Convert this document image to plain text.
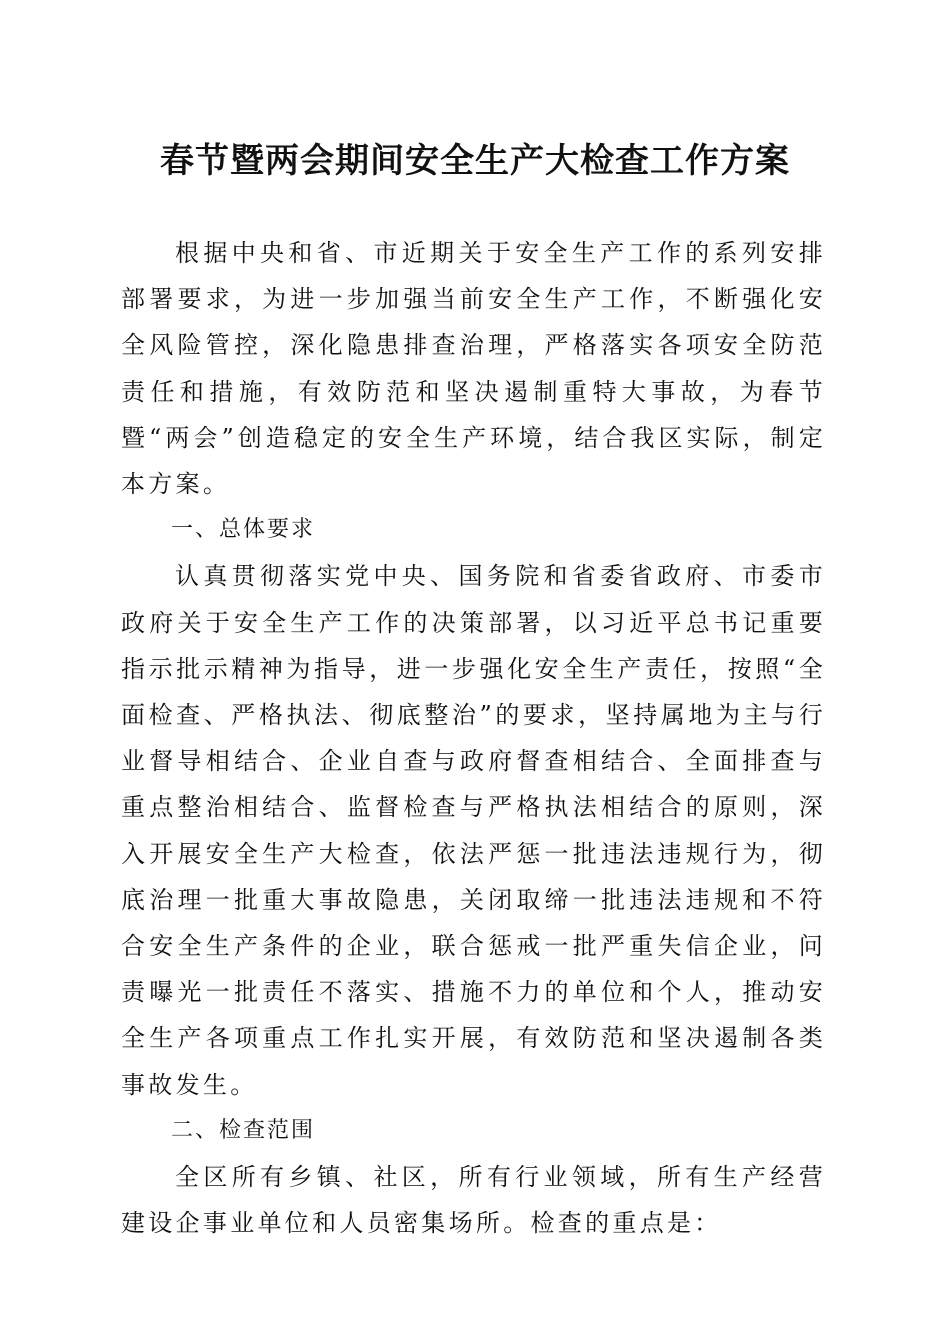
春节暨两会期间安全生产大检查工作方案

根据中央和省、市近期关于安全生产工作的系列安排部署要求，为进一步加强当前安全生产工作，不断强化安全风险管控，深化隐患排查治理，严格落实各项安全防范责任和措施，有效防范和坚决遏制重特大事故，为春节暨“两会”创造稳定的安全生产环境，结合我区实际，制定本方案。

一、总体要求

认真贯彻落实党中央、国务院和省委省政府、市委市政府关于安全生产工作的决策部署，以习近平总书记重要指示批示精神为指导，进一步强化安全生产责任，按照“全面检查、严格执法、彻底整治”的要求，坚持属地为主与行业督导相结合、企业自查与政府督查相结合、全面排查与重点整治相结合、监督检查与严格执法相结合的原则，深入开展安全生产大检查，依法严惩一批违法违规行为，彻底治理一批重大事故隐患，关闭取缔一批违法违规和不符合安全生产条件的企业，联合惩戒一批严重失信企业，问责曝光一批责任不落实、措施不力的单位和个人，推动安全生产各项重点工作扎实开展，有效防范和坚决遏制各类事故发生。

二、检查范围

全区所有乡镇、社区，所有行业领域，所有生产经营建设企事业单位和人员密集场所。检查的重点是：
